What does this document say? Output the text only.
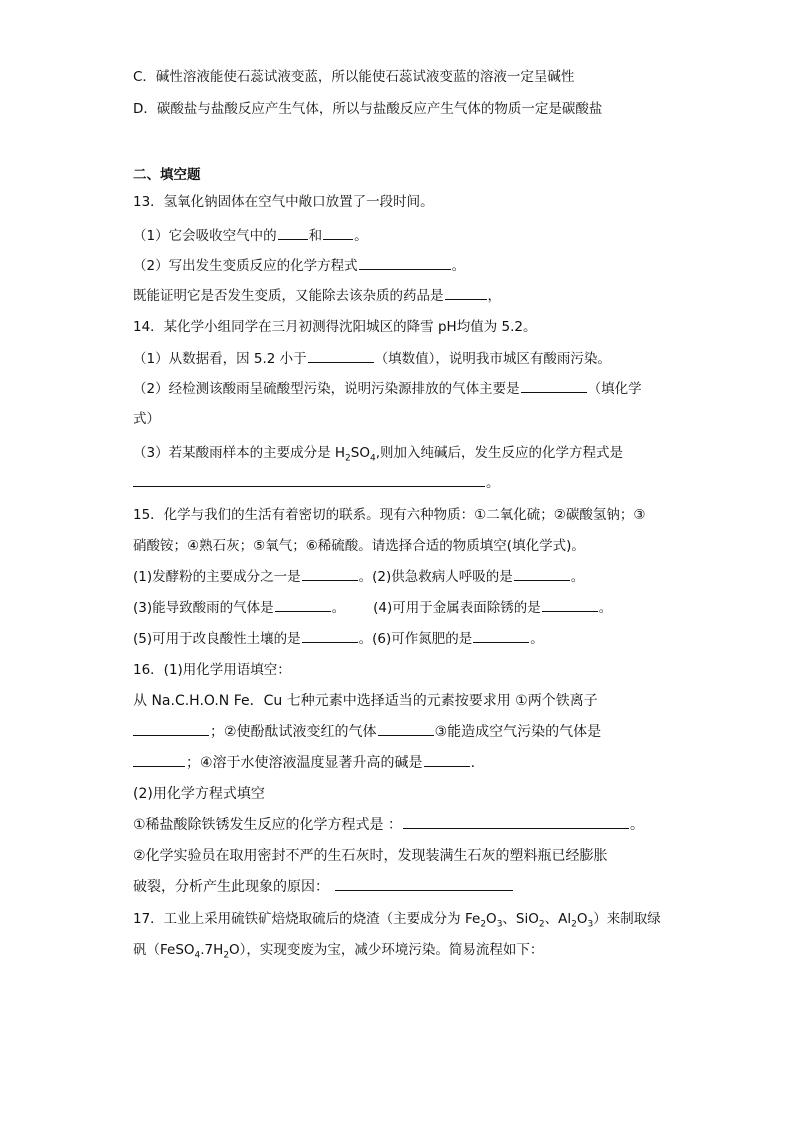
C．碱性溶液能使石蕊试液变蓝，所以能使石蕊试液变蓝的溶液一定呈碱性
D．碳酸盐与盐酸反应产生气体，所以与盐酸反应产生气体的物质一定是碳酸盐
二、填空题
13．氢氧化钠固体在空气中敞口放置了一段时间。
（1）它会吸收空气中的 和 。
（2）写出发生变质反应的化学方程式	。
既能证明它是否发生变质，又能除去该杂质的药品是	，
14．某化学小组同学在三月初测得沈阳城区的降雪 pH均值为 5.2。
（1）从数据看，因 5.2 小于	（填数值），说明我市城区有酸雨污染。
（2）经检测该酸雨呈硫酸型污染，说明污染源排放的气体主要是	（填化学
式）
（3）若某酸雨样本的主要成分是 $H_2SO_4$,则加入纯碱后，发生反应的化学方程式是
。
15．化学与我们的生活有着密切的联系。现有六种物质：①二氧化硫；②碳酸氢钠；③
硝酸铵；④熟石灰；⑤氧气；⑥稀硫酸。请选择合适的物质填空(填化学式)。
(1)发酵粉的主要成分之一是	。(2)供急救病人呼吸的是	。
(3)能导致酸雨的气体是	。 (4)可用于金属表面除锈的是	。
(5)可用于改良酸性土壤的是	。(6)可作氮肥的是	。
16．(1)用化学用语填空：
从 Na.C.H.O.N Fe．Cu 七种元素中选择适当的元素按要求用 ①两个铁离子
；②使酚酞试液变红的气体	③能造成空气污染的气体是
；④溶于水使溶液温度显著升高的碱是	.
(2)用化学方程式填空
①稀盐酸除铁锈发生反应的化学方程式是 ：	。
②化学实验员在取用密封不严的生石灰时，发现装满生石灰的塑料瓶已经膨胀
破裂，分析产生此现象的原因：
17．工业上采用硫铁矿焙烧取硫后的烧渣（主要成分为 $Fe_2O_3$、SiO$_2$、$Al_2O_3$）来制取绿
矾$(FeSO_4.7H_2O)$，实现变废为宝，减少环境污染。简易流程如下：
